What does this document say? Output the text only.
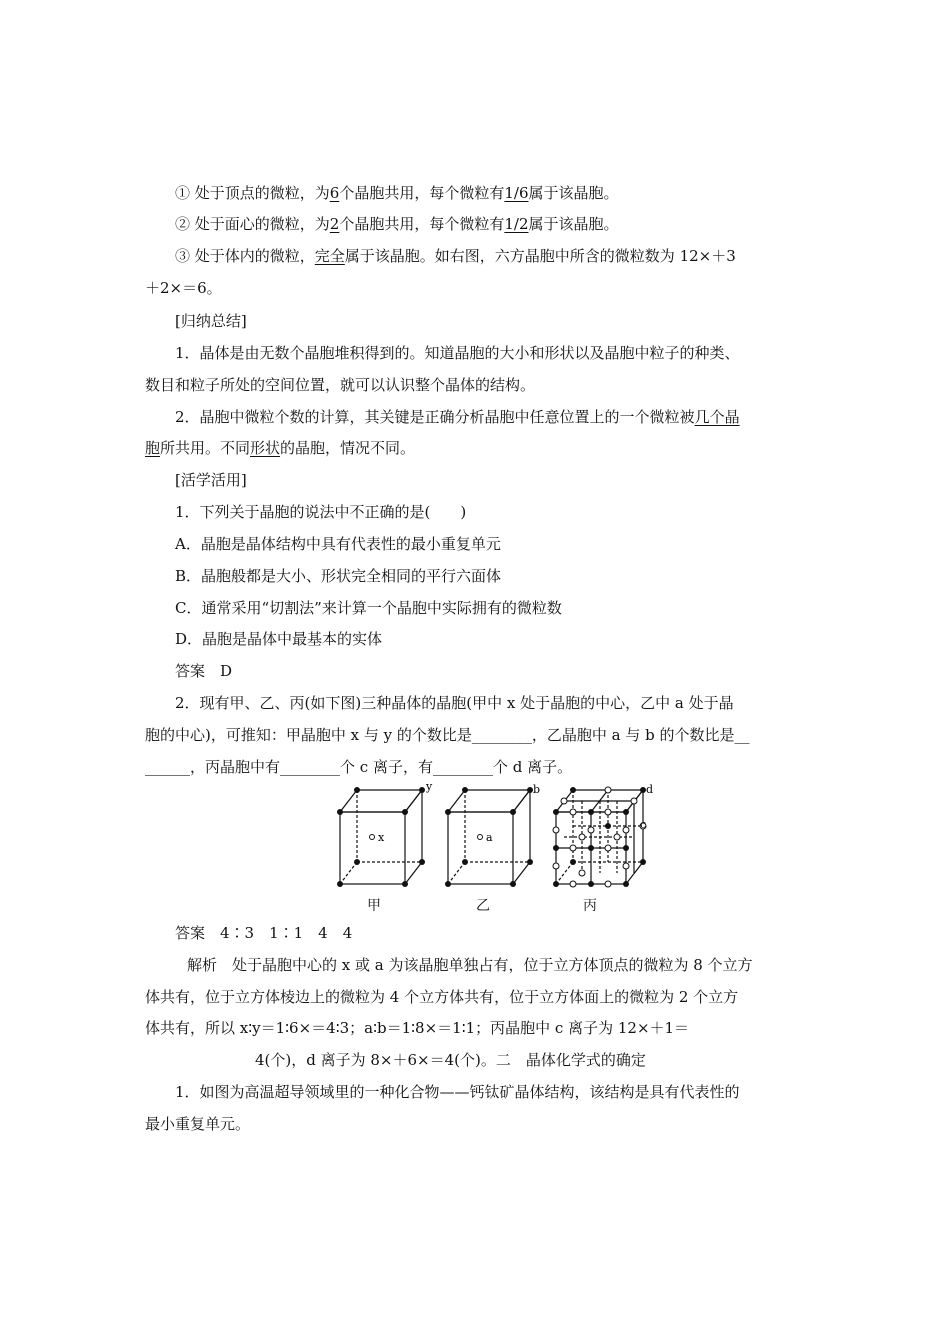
① 处于顶点的微粒，为6个晶胞共用，每个微粒有1/6属于该晶胞。
② 处于面心的微粒，为2个晶胞共用，每个微粒有1/2属于该晶胞。
③ 处于体内的微粒，完全属于该晶胞。如右图，六方晶胞中所含的微粒数为 12×＋3
＋2×＝6。
[归纳总结]
1．晶体是由无数个晶胞堆积得到的。知道晶胞的大小和形状以及晶胞中粒子的种类、
数目和粒子所处的空间位置，就可以认识整个晶体的结构。
2．晶胞中微粒个数的计算，其关键是正确分析晶胞中任意位置上的一个微粒被几个晶
胞所共用。不同形状的晶胞，情况不同。
[活学活用]
1．下列关于晶胞的说法中不正确的是(　　)
A．晶胞是晶体结构中具有代表性的最小重复单元
B．晶胞般都是大小、形状完全相同的平行六面体
C．通常采用“切割法”来计算一个晶胞中实际拥有的微粒数
D．晶胞是晶体中最基本的实体
答案　D
2．现有甲、乙、丙(如下图)三种晶体的晶胞(甲中 x 处于晶胞的中心，乙中 a 处于晶
胞的中心)，可推知：甲晶胞中 x 与 y 的个数比是________，乙晶胞中 a 与 b 的个数比是__
______，丙晶胞中有________个 c 离子，有________个 d 离子。
x
y
a
b	d
c
甲	乙	丙
答案　4∶3　1∶1　4　4
解析　处于晶胞中心的 x 或 a 为该晶胞单独占有，位于立方体顶点的微粒为 8 个立方
体共有，位于立方体棱边上的微粒为 4 个立方体共有，位于立方体面上的微粒为 2 个立方
体共有，所以 x∶y＝1∶6×＝4∶3；a∶b＝1∶8×＝1∶1；丙晶胞中 c 离子为 12×＋1＝
4(个)，d 离子为 8×＋6×＝4(个)。二　晶体化学式的确定
1．如图为高温超导领域里的一种化合物——钙钛矿晶体结构，该结构是具有代表性的
最小重复单元。
